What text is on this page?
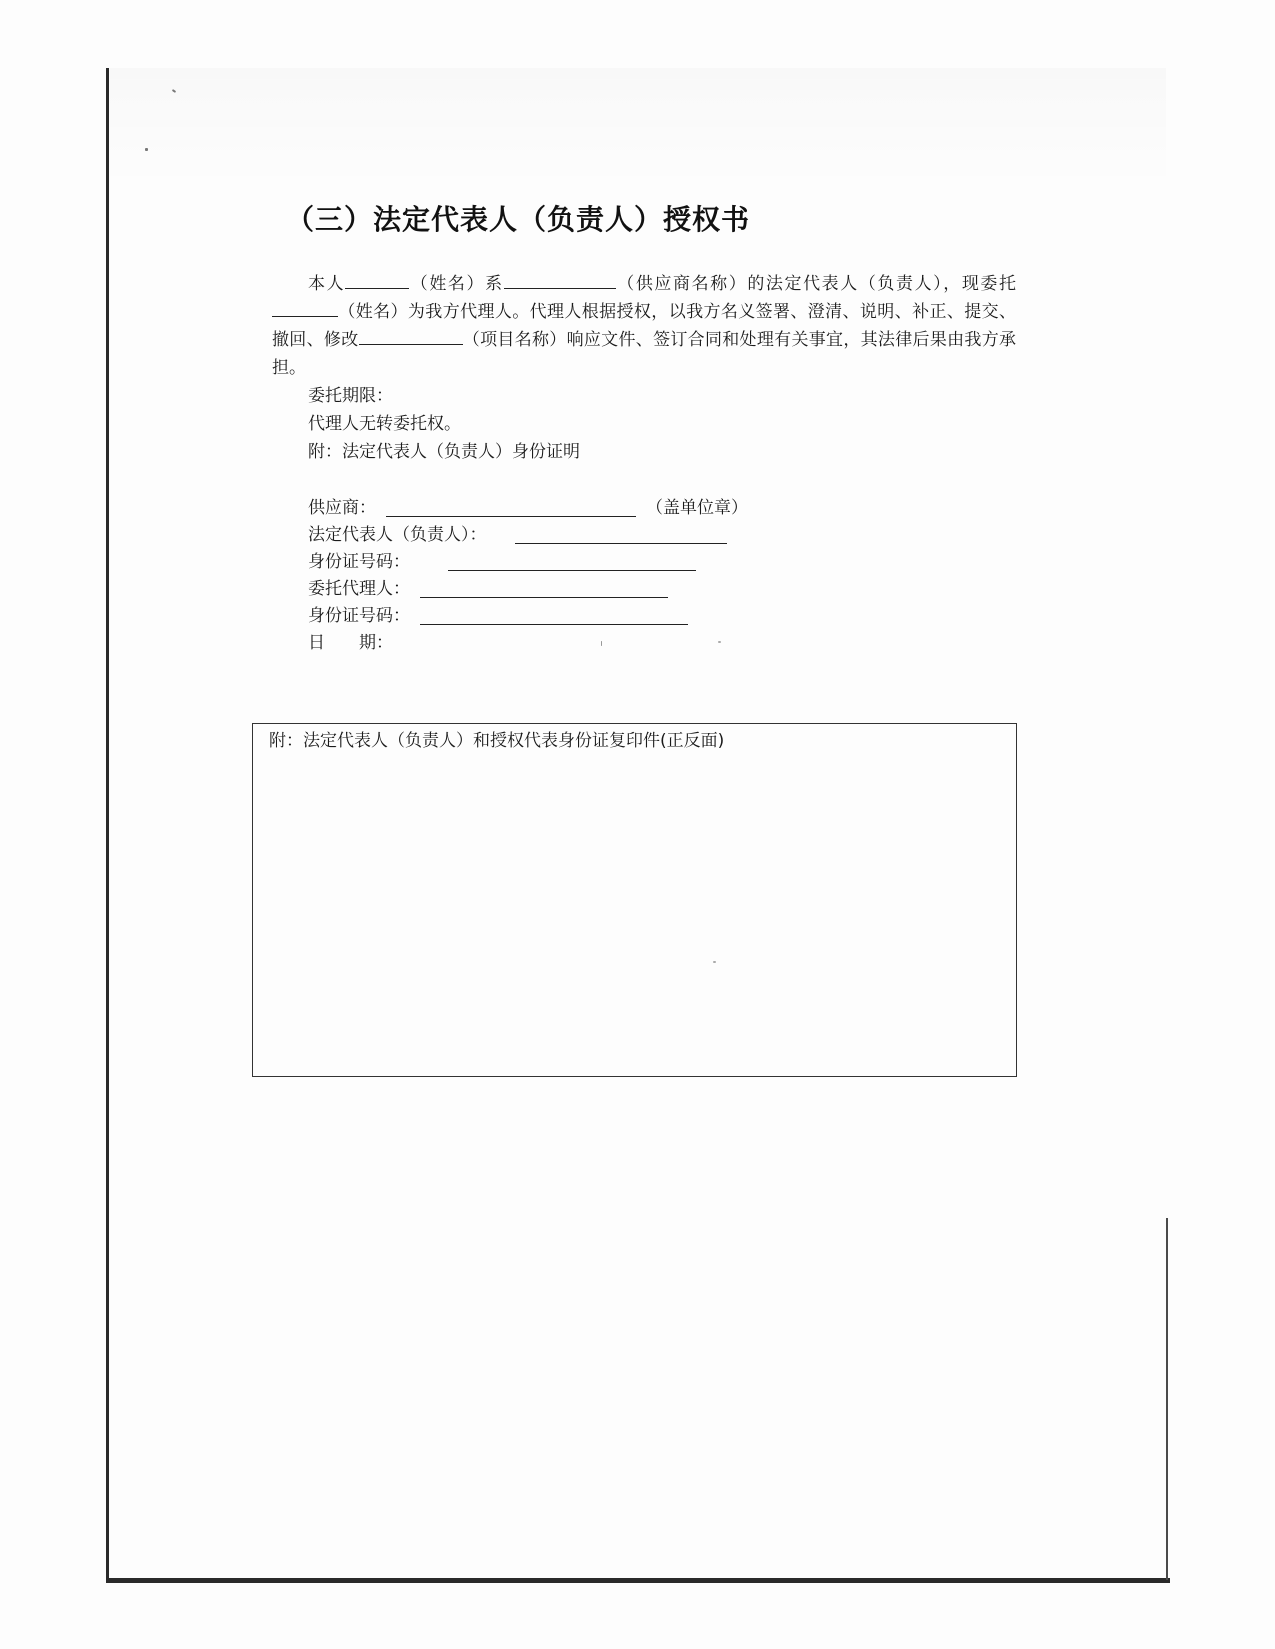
（三）法定代表人（负责人）授权书

本人	（姓名）系	（供应商名称）的法定代表人（负责人），现委托 （姓名）为我方代理人。代理人根据授权，以我方名义签署、澄清、说明、补正、提交、撤回、修改	（项目名称）响应文件、签订合同和处理有关事宜，其法律后果由我方承担。

委托期限：
代理人无转委托权。
附：法定代表人（负责人）身份证明
供应商：	（盖单位章）
法定代表人（负责人）：
身份证号码：
委托代理人：
身份证号码：
日　　期：
附：法定代表人（负责人）和授权代表身份证复印件(正反面)
